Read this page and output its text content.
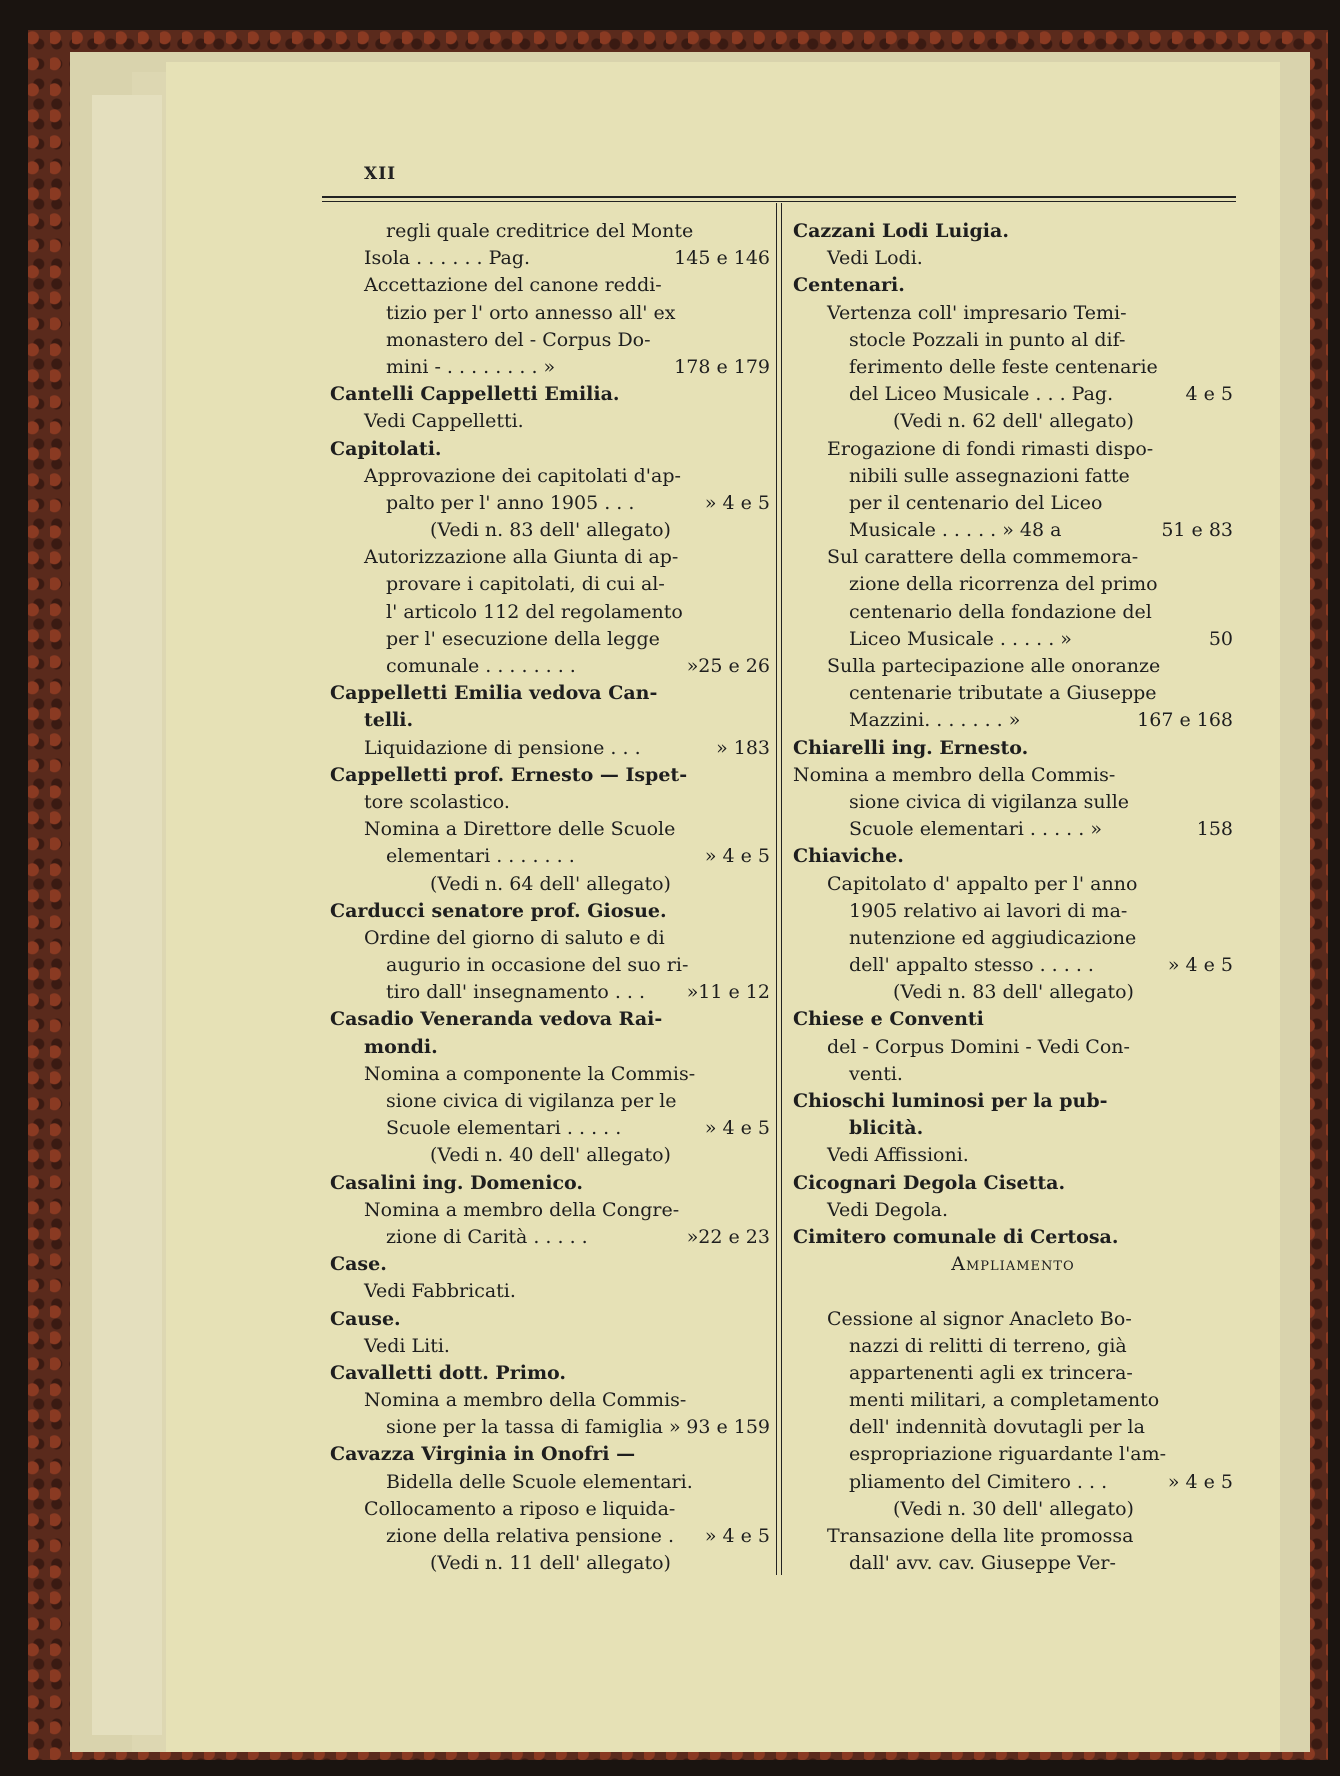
XII
regli quale creditrice del Monte
Isola . . . . . . Pag.	145 e 146
Accettazione del canone reddi-
tizio per l' orto annesso all' ex
monastero del - Corpus Do-
mini - . . . . . . . . »	178 e 179
Cantelli Cappelletti Emilia.
Vedi Cappelletti.
Capitolati.
Approvazione dei capitolati d'ap-
palto per l' anno 1905 . . .	» 4 e 5
(Vedi n. 83 dell' allegato)
Autorizzazione alla Giunta di ap-
provare i capitolati, di cui al-
l' articolo 112 del regolamento
per l' esecuzione della legge
comunale . . . . . . . .	»25 e 26
Cappelletti Emilia vedova Can-
telli.
Liquidazione di pensione . . .	» 183
Cappelletti prof. Ernesto — Ispet-
tore scolastico.
Nomina a Direttore delle Scuole
elementari . . . . . . .	» 4 e 5
(Vedi n. 64 dell' allegato)
Carducci senatore prof. Giosue.
Ordine del giorno di saluto e di
augurio in occasione del suo ri-
tiro dall' insegnamento . . . »11 e 12
Casadio Veneranda vedova Rai-
mondi.
Nomina a componente la Commis-
sione civica di vigilanza per le
Scuole elementari . . . . .	» 4 e 5
(Vedi n. 40 dell' allegato)
Casalini ing. Domenico.
Nomina a membro della Congre-
zione di Carità . . . . .	»22 e 23
Case.
Vedi Fabbricati.
Cause.
Vedi Liti.
Cavalletti dott. Primo.
Nomina a membro della Commis-
sione per la tassa di famiglia » 93 e 159
Cavazza Virginia in Onofri —
Bidella delle Scuole elementari.
Collocamento a riposo e liquida-
zione della relativa pensione . » 4 e 5
(Vedi n. 11 dell' allegato)
Cazzani Lodi Luigia.
Vedi Lodi.
Centenari.
Vertenza coll' impresario Temi-
stocle Pozzali in punto al dif-
ferimento delle feste centenarie
del Liceo Musicale . . . Pag.	4 e 5
(Vedi n. 62 dell' allegato)
Erogazione di fondi rimasti dispo-
nibili sulle assegnazioni fatte
per il centenario del Liceo
Musicale . . . . . » 48 a	51 e 83
Sul carattere della commemora-
zione della ricorrenza del primo
centenario della fondazione del
Liceo Musicale . . . . . »	50
Sulla partecipazione alle onoranze
centenarie tributate a Giuseppe
Mazzini. . . . . . . »	167 e 168
Chiarelli ing. Ernesto.
Nomina a membro della Commis-
sione civica di vigilanza sulle
Scuole elementari . . . . . »	158
Chiaviche.
Capitolato d' appalto per l' anno
1905 relativo ai lavori di ma-
nutenzione ed aggiudicazione
dell' appalto stesso . . . . .	» 4 e 5
(Vedi n. 83 dell' allegato)
Chiese e Conventi
del - Corpus Domini - Vedi Con-
venti.
Chioschi luminosi per la pub-
blicità.
Vedi Affissioni.
Cicognari Degola Cisetta.
Vedi Degola.
Cimitero comunale di Certosa.
Ampliamento
Cessione al signor Anacleto Bo-
nazzi di relitti di terreno, già
appartenenti agli ex trincera-
menti militari, a completamento
dell' indennità dovutagli per la
espropriazione riguardante l'am-
pliamento del Cimitero . . .	» 4 e 5
(Vedi n. 30 dell' allegato)
Transazione della lite promossa
dall' avv. cav. Giuseppe Ver-
